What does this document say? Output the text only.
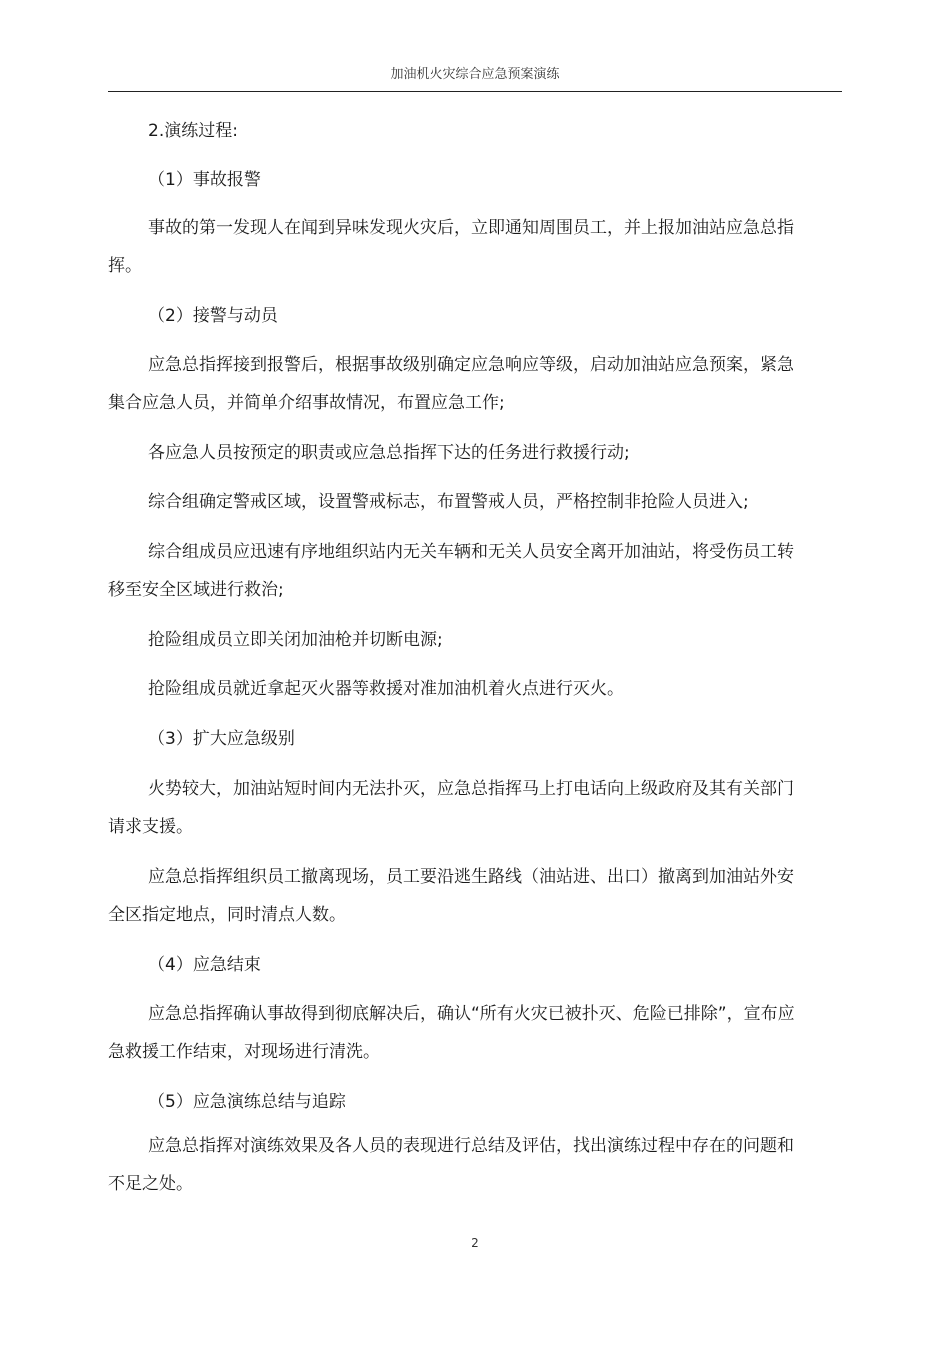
加油机火灾综合应急预案演练

2.演练过程:

（1）事故报警

事故的第一发现人在闻到异味发现火灾后，立即通知周围员工，并上报加油站应急总指挥。

（2）接警与动员

应急总指挥接到报警后，根据事故级别确定应急响应等级，启动加油站应急预案，紧急集合应急人员，并简单介绍事故情况，布置应急工作;

各应急人员按预定的职责或应急总指挥下达的任务进行救援行动;

综合组确定警戒区域，设置警戒标志，布置警戒人员，严格控制非抢险人员进入;

综合组成员应迅速有序地组织站内无关车辆和无关人员安全离开加油站，将受伤员工转移至安全区域进行救治;

抢险组成员立即关闭加油枪并切断电源;

抢险组成员就近拿起灭火器等救援对准加油机着火点进行灭火。

（3）扩大应急级别

火势较大，加油站短时间内无法扑灭，应急总指挥马上打电话向上级政府及其有关部门请求支援。

应急总指挥组织员工撤离现场，员工要沿逃生路线（油站进、出口）撤离到加油站外安全区指定地点，同时清点人数。

（4）应急结束

应急总指挥确认事故得到彻底解决后，确认“所有火灾已被扑灭、危险已排除”，宣布应急救援工作结束，对现场进行清洗。

（5）应急演练总结与追踪

应急总指挥对演练效果及各人员的表现进行总结及评估，找出演练过程中存在的问题和不足之处。

2
